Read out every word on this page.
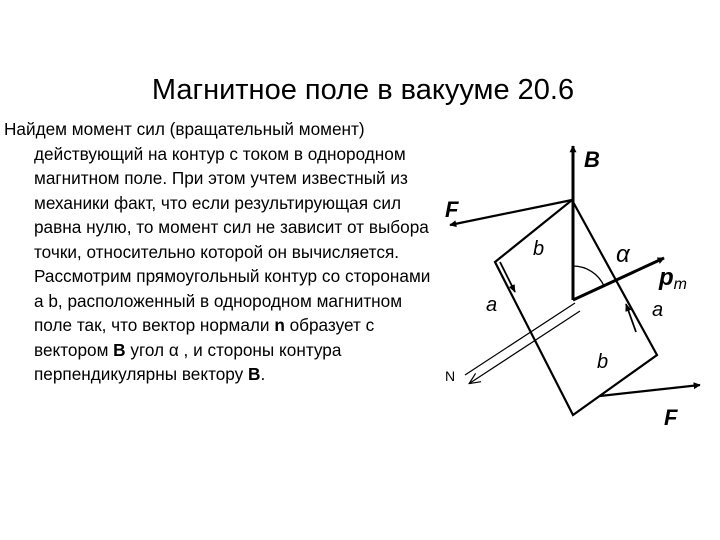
Магнитное поле в вакууме 20.6

Найдем момент сил (вращательный момент) действующий на контур с током в однородном магнитном поле. При этом учтем известный из механики факт, что если результирующая сил равна нулю, то момент сил не зависит от выбора точки, относительно которой он вычисляется. Рассмотрим прямоугольный контур со сторонами a b, расположенный в однородном магнитном поле так, что вектор нормали n образует с вектором B угол α , и стороны контура перпендикулярны вектору B.

B
F
F
pm
α
a	a
b
b
N
